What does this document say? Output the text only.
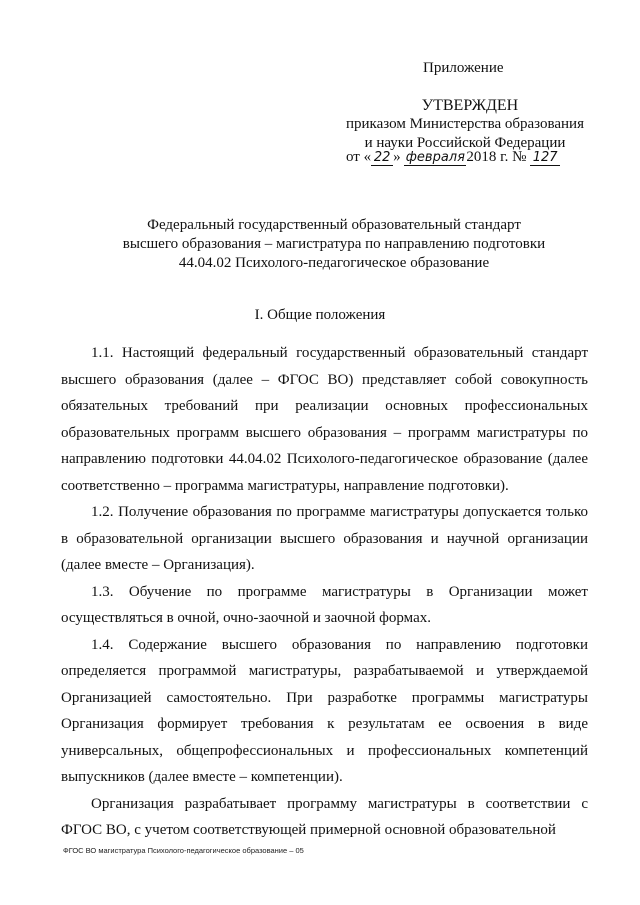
Приложение
УТВЕРЖДЕН
приказом Министерства образования
и науки Российской Федерации
от « 22 » февраля2018 г. № 127
Федеральный государственный образовательный стандарт
высшего образования – магистратура по направлению подготовки
44.04.02 Психолого-педагогическое образование
I. Общие положения

1.1. Настоящий федеральный государственный образовательный стандарт высшего образования (далее – ФГОС ВО) представляет собой совокупность обязательных требований при реализации основных профессиональных образовательных программ высшего образования – программ магистратуры по направлению подготовки 44.04.02 Психолого-педагогическое образование (далее соответственно – программа магистратуры, направление подготовки).

1.2. Получение образования по программе магистратуры допускается только в образовательной организации высшего образования и научной организации (далее вместе – Организация).

1.3. Обучение по программе магистратуры в Организации может осуществляться в очной, очно-заочной и заочной формах.

1.4. Содержание высшего образования по направлению подготовки определяется программой магистратуры, разрабатываемой и утверждаемой Организацией самостоятельно. При разработке программы магистратуры Организация формирует требования к результатам ее освоения в виде универсальных, общепрофессиональных и профессиональных компетенций выпускников (далее вместе – компетенции).

Организация разрабатывает программу магистратуры в соответствии с ФГОС ВО, с учетом соответствующей примерной основной образовательной

ФГОС ВО магистратура Психолого-педагогическое образование – 05
